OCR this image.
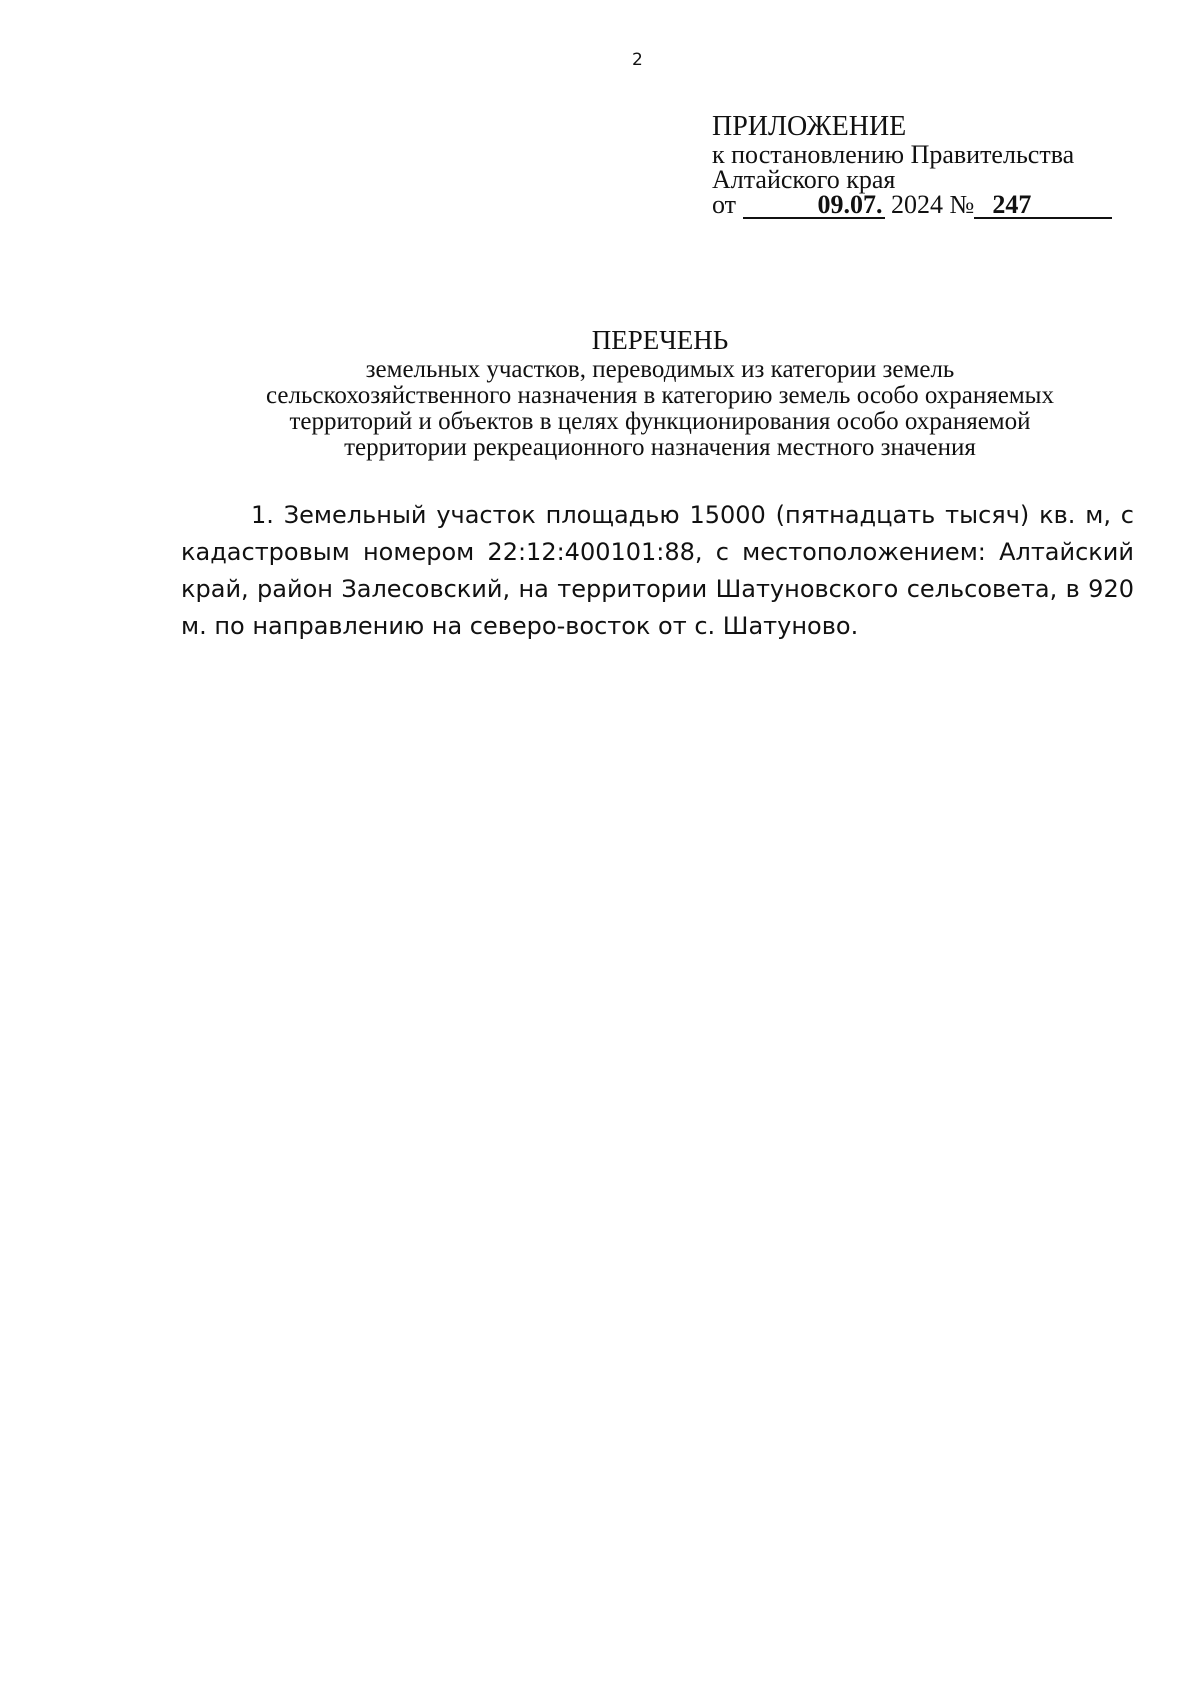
2
ПРИЛОЖЕНИЕ
к постановлению Правительства
Алтайского края
от	09.07. 2024 № 247
ПЕРЕЧЕНЬ
земельных участков, переводимых из категории земель
сельскохозяйственного назначения в категорию земель особо охраняемых
территорий и объектов в целях функционирования особо охраняемой
территории рекреационного назначения местного значения

1. Земельный участок площадью 15000 (пятнадцать тысяч) кв. м, с кадастровым номером 22:12:400101:88, с местоположением: Алтайский край, район Залесовский, на территории Шатуновского сельсовета, в 920 м. по направлению на северо-восток от с. Шатуново.
